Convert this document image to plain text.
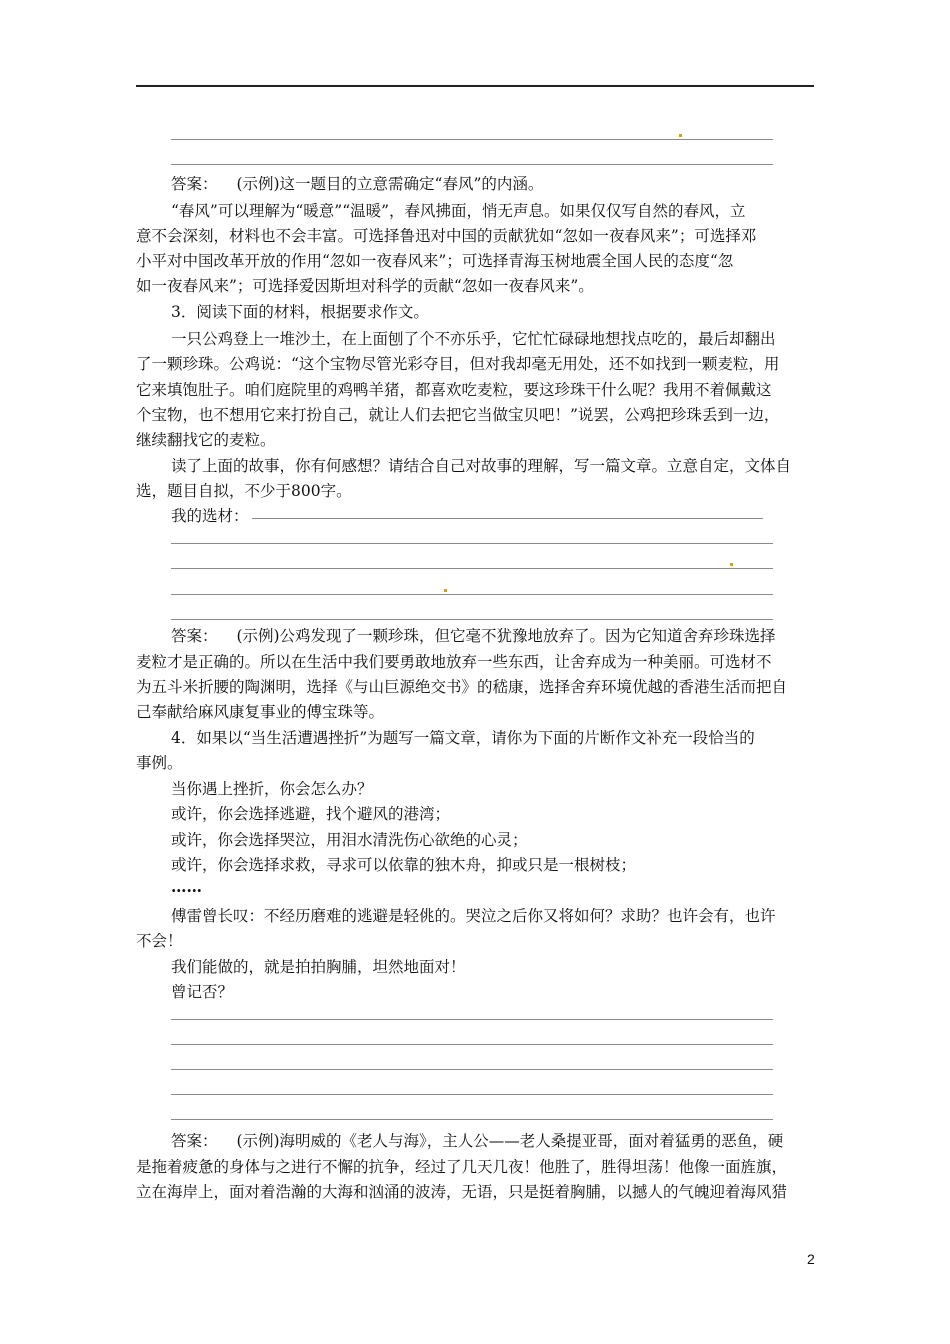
答案： (示例)这一题目的立意需确定“春风”的内涵。
“春风”可以理解为“暖意”“温暖”，春风拂面，悄无声息。如果仅仅写自然的春风，立
意不会深刻，材料也不会丰富。可选择鲁迅对中国的贡献犹如“忽如一夜春风来”；可选择邓
小平对中国改革开放的作用“忽如一夜春风来”；可选择青海玉树地震全国人民的态度“忽
如一夜春风来”；可选择爱因斯坦对科学的贡献“忽如一夜春风来”。
3．阅读下面的材料，根据要求作文。
一只公鸡登上一堆沙土，在上面刨了个不亦乐乎，它忙忙碌碌地想找点吃的，最后却翻出
了一颗珍珠。公鸡说：“这个宝物尽管光彩夺目，但对我却毫无用处，还不如找到一颗麦粒，用
它来填饱肚子。咱们庭院里的鸡鸭羊猪，都喜欢吃麦粒，要这珍珠干什么呢？我用不着佩戴这
个宝物，也不想用它来打扮自己，就让人们去把它当做宝贝吧！”说罢，公鸡把珍珠丢到一边，
继续翻找它的麦粒。
读了上面的故事，你有何感想？请结合自己对故事的理解，写一篇文章。立意自定，文体自
选，题目自拟，不少于800字。
我的选材：
答案： (示例)公鸡发现了一颗珍珠，但它毫不犹豫地放弃了。因为它知道舍弃珍珠选择
麦粒才是正确的。所以在生活中我们要勇敢地放弃一些东西，让舍弃成为一种美丽。可选材不
为五斗米折腰的陶渊明，选择《与山巨源绝交书》的嵇康，选择舍弃环境优越的香港生活而把自
己奉献给麻风康复事业的傅宝珠等。
4．如果以“当生活遭遇挫折”为题写一篇文章，请你为下面的片断作文补充一段恰当的
事例。
当你遇上挫折，你会怎么办？
或许，你会选择逃避，找个避风的港湾；
或许，你会选择哭泣，用泪水清洗伤心欲绝的心灵；
或许，你会选择求救，寻求可以依靠的独木舟，抑或只是一根树枝；
……
傅雷曾长叹：不经历磨难的逃避是轻佻的。哭泣之后你又将如何？求助？也许会有，也许
不会！
我们能做的，就是拍拍胸脯，坦然地面对！
曾记否？
答案： (示例)海明威的《老人与海》，主人公——老人桑提亚哥，面对着猛勇的恶鱼，硬
是拖着疲惫的身体与之进行不懈的抗争，经过了几天几夜！他胜了，胜得坦荡！他像一面旌旗，
立在海岸上，面对着浩瀚的大海和汹涌的波涛，无语，只是挺着胸脯，以撼人的气魄迎着海风猎
2
